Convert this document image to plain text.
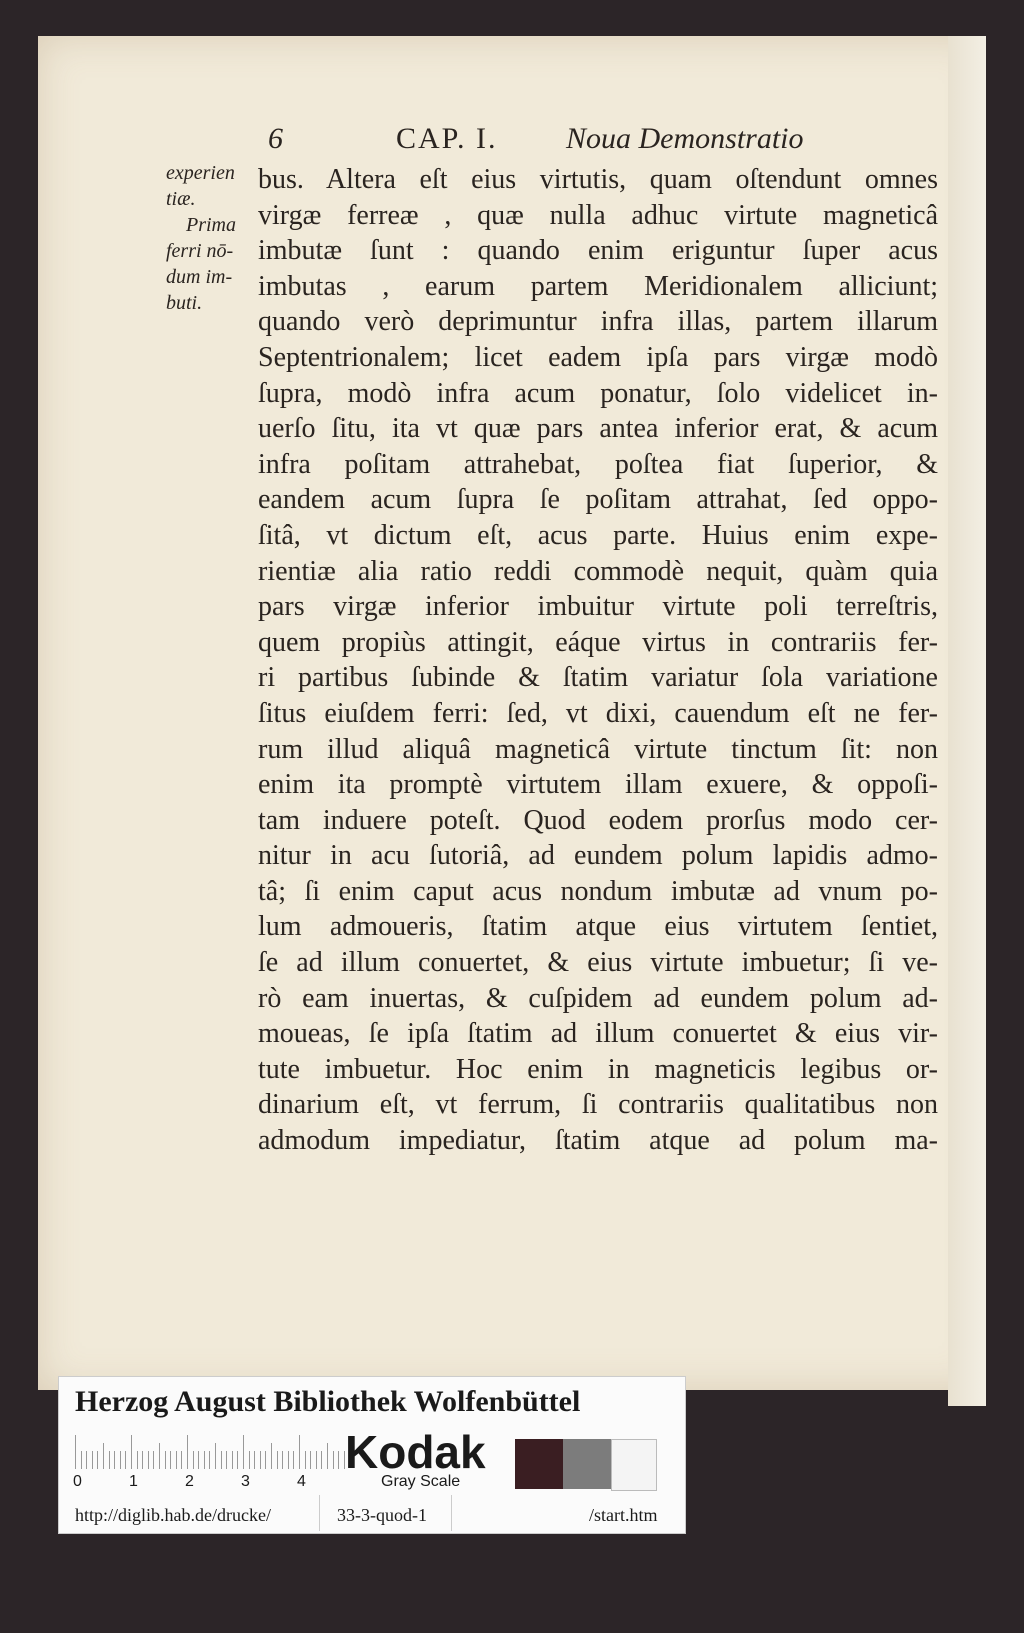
6	CAP. I. Noua Demonstratio
experien
tiæ.
Prima
ferri nō-
dum im-
buti.
bus. Altera eſt eius virtutis, quam oſtendunt omnes
virgæ ferreæ , quæ nulla adhuc virtute magneticâ
imbutæ ſunt : quando enim eriguntur ſuper acus
imbutas , earum partem Meridionalem alliciunt;
quando verò deprimuntur infra illas, partem illarum
Septentrionalem; licet eadem ipſa pars virgæ modò
ſupra, modò infra acum ponatur, ſolo videlicet in-
uerſo ſitu, ita vt quæ pars antea inferior erat, & acum
infra poſitam attrahebat, poſtea fiat ſuperior, &
eandem acum ſupra ſe poſitam attrahat, ſed oppo-
ſitâ, vt dictum eſt, acus parte. Huius enim expe-
rientiæ alia ratio reddi commodè nequit, quàm quia
pars virgæ inferior imbuitur virtute poli terreſtris,
quem propiùs attingit, eáque virtus in contrariis fer-
ri partibus ſubinde & ſtatim variatur ſola variatione
ſitus eiuſdem ferri: ſed, vt dixi, cauendum eſt ne fer-
rum illud aliquâ magneticâ virtute tinctum ſit: non
enim ita promptè virtutem illam exuere, & oppoſi-
tam induere poteſt. Quod eodem prorſus modo cer-
nitur in acu ſutoriâ, ad eundem polum lapidis admo-
tâ; ſi enim caput acus nondum imbutæ ad vnum po-
lum admoueris, ſtatim atque eius virtutem ſentiet,
ſe ad illum conuertet, & eius virtute imbuetur; ſi ve-
rò eam inuertas, & cuſpidem ad eundem polum ad-
moueas, ſe ipſa ſtatim ad illum conuertet & eius vir-
tute imbuetur. Hoc enim in magneticis legibus or-
dinarium eſt, vt ferrum, ſi contrariis qualitatibus non
admodum impediatur, ſtatim atque ad polum ma-
Herzog August Bibliothek Wolfenbüttel
0	1	2	3	4
Kodak
Gray Scale
http://diglib.hab.de/drucke/	33-3-quod-1	/start.htm
